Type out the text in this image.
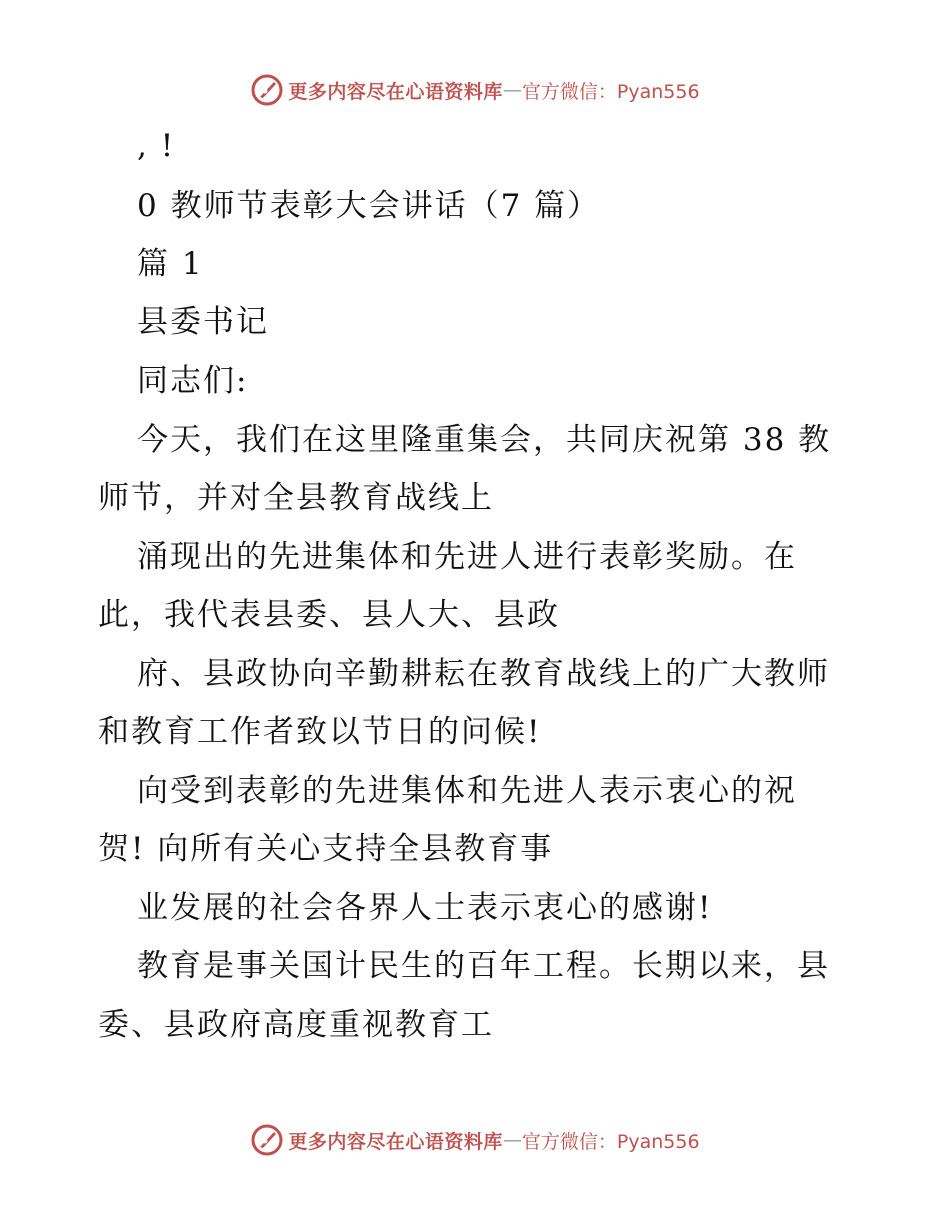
更多内容尽在心语资料库 — 官方微信：Pyan556
, !
0 教师节表彰大会讲话（7 篇）
篇 1
县委书记
同志们:
今天，我们在这里隆重集会，共同庆祝第 38 教
师节，并对全县教育战线上
涌现出的先进集体和先进人进行表彰奖励。在
此，我代表县委、县人大、县政
府、县政协向辛勤耕耘在教育战线上的广大教师
和教育工作者致以节日的问候!
向受到表彰的先进集体和先进人表示衷心的祝
贺! 向所有关心支持全县教育事
业发展的社会各界人士表示衷心的感谢!
教育是事关国计民生的百年工程。长期以来，县
委、县政府高度重视教育工
更多内容尽在心语资料库 — 官方微信：Pyan556
